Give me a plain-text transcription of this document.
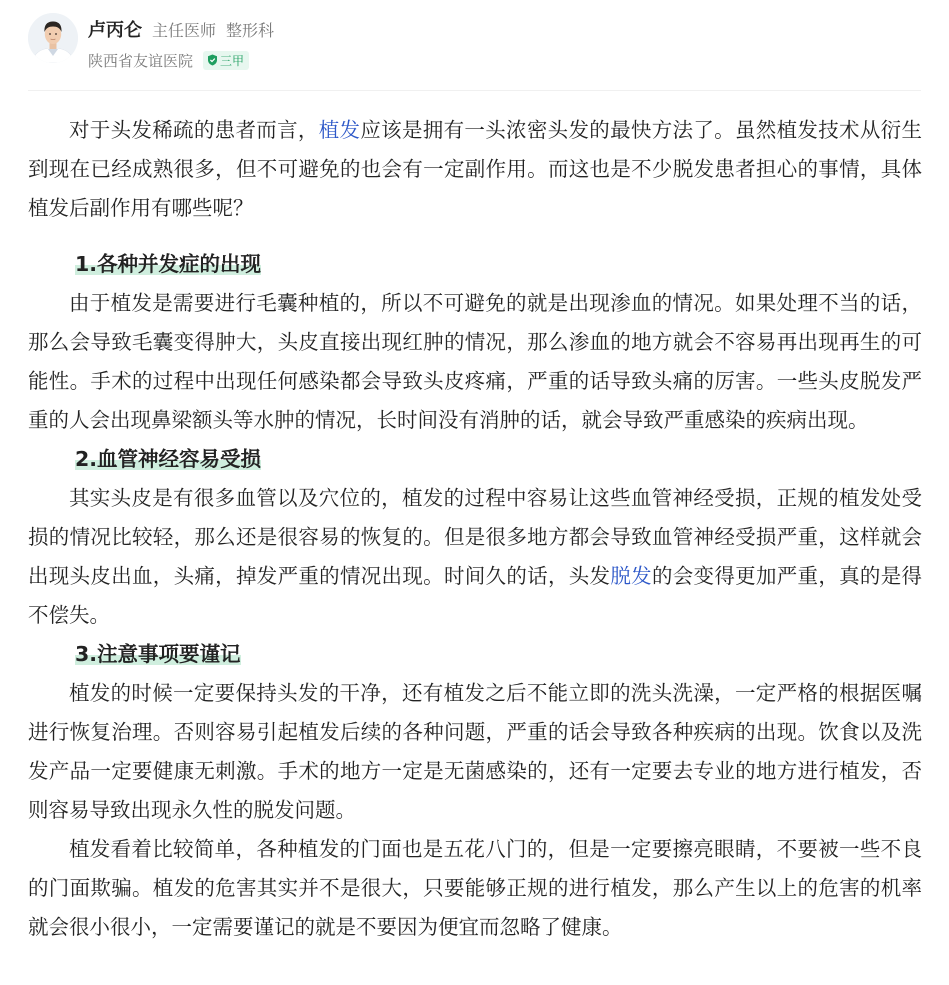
卢丙仑 主任医师 整形科
陕西省友谊医院 三甲

对于头发稀疏的患者而言，植发应该是拥有一头浓密头发的最快方法了。虽然植发技术从衍生到现在已经成熟很多，但不可避免的也会有一定副作用。而这也是不少脱发患者担心的事情，具体植发后副作用有哪些呢？

1.各种并发症的出现

由于植发是需要进行毛囊种植的，所以不可避免的就是出现渗血的情况。如果处理不当的话，那么会导致毛囊变得肿大，头皮直接出现红肿的情况，那么渗血的地方就会不容易再出现再生的可能性。手术的过程中出现任何感染都会导致头皮疼痛，严重的话导致头痛的厉害。一些头皮脱发严重的人会出现鼻梁额头等水肿的情况，长时间没有消肿的话，就会导致严重感染的疾病出现。

2.血管神经容易受损

其实头皮是有很多血管以及穴位的，植发的过程中容易让这些血管神经受损，正规的植发处受损的情况比较轻，那么还是很容易的恢复的。但是很多地方都会导致血管神经受损严重，这样就会出现头皮出血，头痛，掉发严重的情况出现。时间久的话，头发脱发的会变得更加严重，真的是得不偿失。

3.注意事项要谨记

植发的时候一定要保持头发的干净，还有植发之后不能立即的洗头洗澡，一定严格的根据医嘱进行恢复治理。否则容易引起植发后续的各种问题，严重的话会导致各种疾病的出现。饮食以及洗发产品一定要健康无刺激。手术的地方一定是无菌感染的，还有一定要去专业的地方进行植发，否则容易导致出现永久性的脱发问题。

植发看着比较简单，各种植发的门面也是五花八门的，但是一定要擦亮眼睛，不要被一些不良的门面欺骗。植发的危害其实并不是很大，只要能够正规的进行植发，那么产生以上的危害的机率就会很小很小，一定需要谨记的就是不要因为便宜而忽略了健康。
